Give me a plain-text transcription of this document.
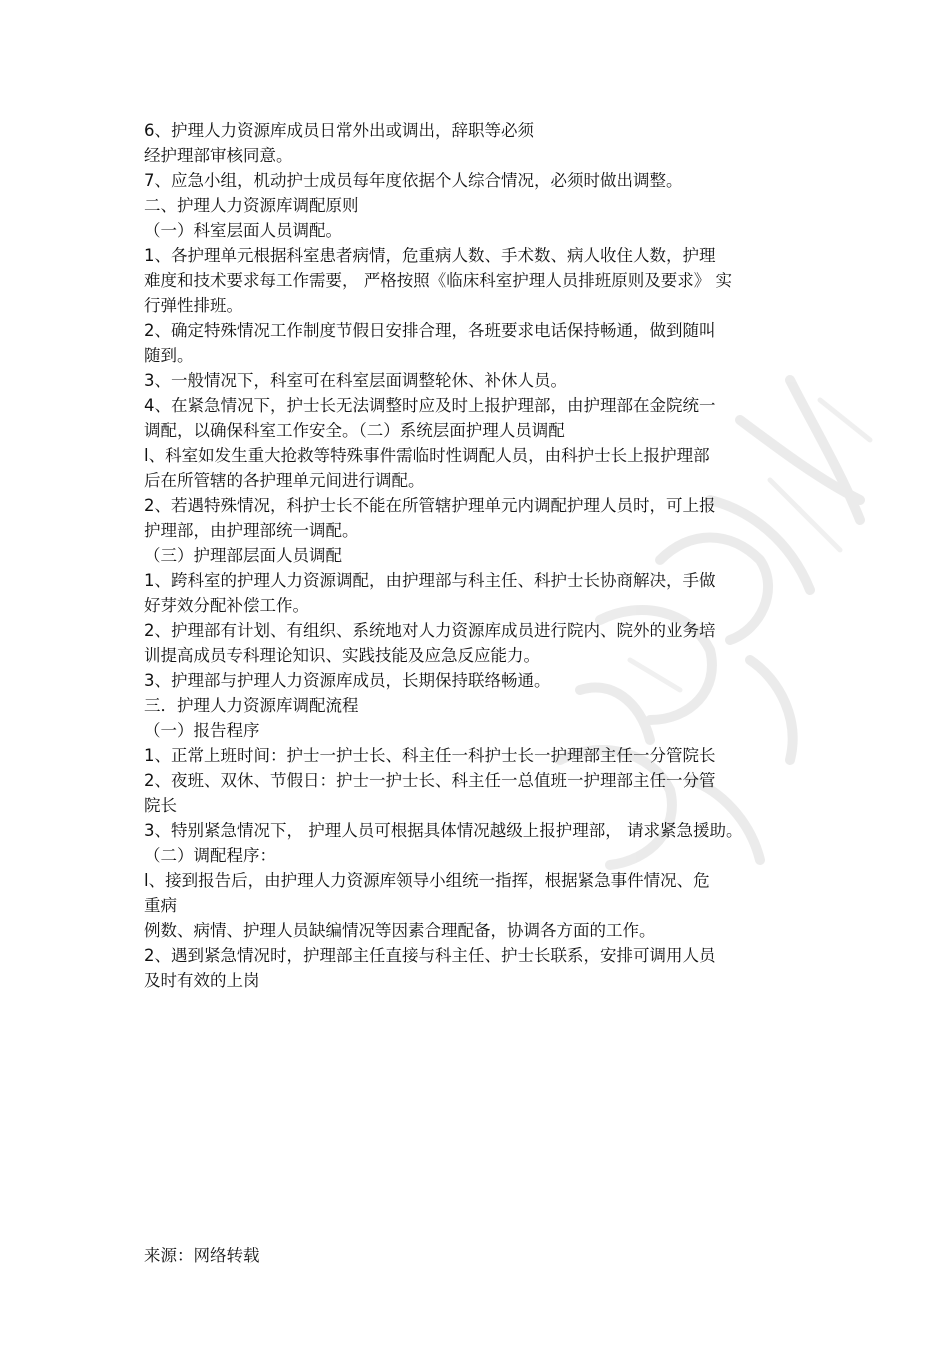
6、护理人力资源库成员日常外出或调出，辞职等必须
经护理部审核同意。
7、应急小组，机动护士成员每年度依据个人综合情况，必须时做出调整。
二、护理人力资源库调配原则
（一）科室层面人员调配。
1、各护理单元根据科室患者病情，危重病人数、手术数、病人收住人数，护理
难度和技术要求每工作需要， 严格按照《临床科室护理人员排班原则及要求》 实
行弹性排班。
2、确定特殊情况工作制度节假日安排合理，各班要求电话保持畅通，做到随叫
随到。
3、一般情况下，科室可在科室层面调整轮休、补休人员。
4、在紧急情况下，护士长无法调整时应及时上报护理部，由护理部在金院统一
调配，以确保科室工作安全。（二）系统层面护理人员调配
l、科室如发生重大抢救等特殊事件需临时性调配人员，由科护士长上报护理部
后在所管辖的各护理单元间进行调配。
2、若遇特殊情况，科护士长不能在所管辖护理单元内调配护理人员时，可上报
护理部，由护理部统一调配。
（三）护理部层面人员调配
1、跨科室的护理人力资源调配，由护理部与科主任、科护士长协商解决，手做
好芽效分配补偿工作。
2、护理部有计划、有组织、系统地对人力资源库成员进行院内、院外的业务培
训提高成员专科理论知识、实践技能及应急反应能力。
3、护理部与护理人力资源库成员，长期保持联络畅通。
三．护理人力资源库调配流程
（一）报告程序
1、正常上班时间：护士一护士长、科主任一科护士长一护理部主任一分管院长
2、夜班、双休、节假日：护士一护士长、科主任一总值班一护理部主任一分管
院长
3、特别紧急情况下， 护理人员可根据具体情况越级上报护理部， 请求紧急援助。
（二）调配程序：
l、接到报告后，由护理人力资源库领导小组统一指挥，根据紧急事件情况、危
重病
例数、病情、护理人员缺编情况等因素合理配备，协调各方面的工作。
2、遇到紧急情况时，护理部主任直接与科主任、护士长联系，安排可调用人员
及时有效的上岗
来源：网络转载
